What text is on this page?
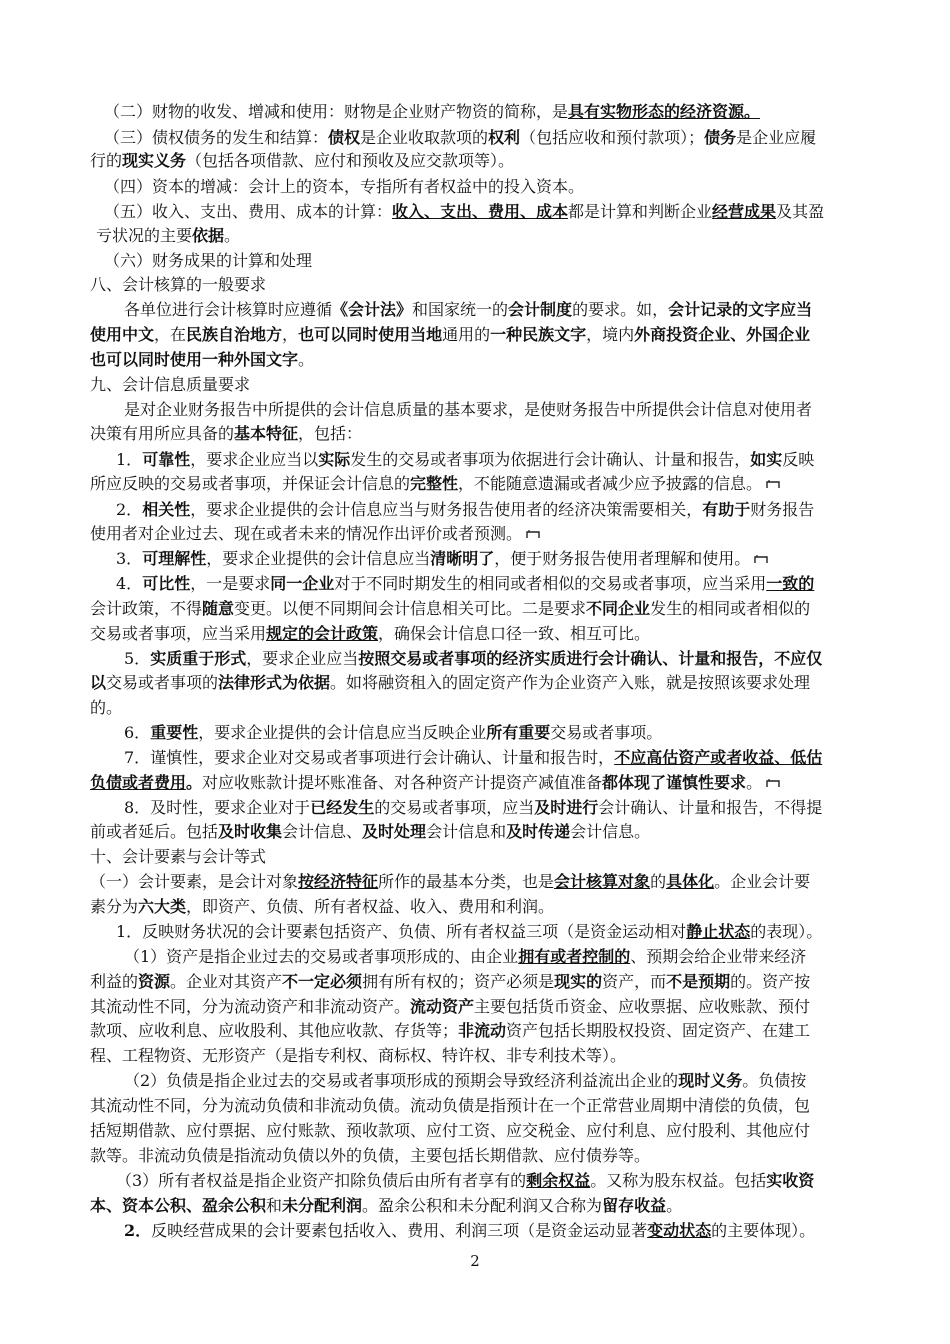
2
（二）财物的收发、增减和使用：财物是企业财产物资的简称，是具有实物形态的经济资源。
（三）债权债务的发生和结算：债权是企业收取款项的权利（包括应收和预付款项）；债务是企业应履
行的现实义务（包括各项借款、应付和预收及应交款项等）。
（四）资本的增减：会计上的资本，专指所有者权益中的投入资本。
（五）收入、支出、费用、成本的计算：收入、支出、费用、成本都是计算和判断企业经营成果及其盈
亏状况的主要依据。
（六）财务成果的计算和处理
八、会计核算的一般要求
各单位进行会计核算时应遵循《会计法》和国家统一的会计制度的要求。如，会计记录的文字应当
使用中文，在民族自治地方，也可以同时使用当地通用的一种民族文字，境内外商投资企业、外国企业
也可以同时使用一种外国文字。
九、会计信息质量要求
是对企业财务报告中所提供的会计信息质量的基本要求，是使财务报告中所提供会计信息对使用者
决策有用所应具备的基本特征，包括：
1．可靠性，要求企业应当以实际发生的交易或者事项为依据进行会计确认、计量和报告，如实反映
所应反映的交易或者事项，并保证会计信息的完整性，不能随意遗漏或者减少应予披露的信息。
2．相关性，要求企业提供的会计信息应当与财务报告使用者的经济决策需要相关，有助于财务报告
使用者对企业过去、现在或者未来的情况作出评价或者预测。
3．可理解性，要求企业提供的会计信息应当清晰明了，便于财务报告使用者理解和使用。
4．可比性，一是要求同一企业对于不同时期发生的相同或者相似的交易或者事项，应当采用一致的
会计政策，不得随意变更。以便不同期间会计信息相关可比。二是要求不同企业发生的相同或者相似的
交易或者事项，应当采用规定的会计政策，确保会计信息口径一致、相互可比。
5．实质重于形式，要求企业应当按照交易或者事项的经济实质进行会计确认、计量和报告，不应仅
以交易或者事项的法律形式为依据。如将融资租入的固定资产作为企业资产入账，就是按照该要求处理
的。
6．重要性，要求企业提供的会计信息应当反映企业所有重要交易或者事项。
7．谨慎性，要求企业对交易或者事项进行会计确认、计量和报告时，不应高估资产或者收益、低估
负债或者费用。对应收账款计提坏账准备、对各种资产计提资产减值准备都体现了谨慎性要求。
8．及时性，要求企业对于已经发生的交易或者事项，应当及时进行会计确认、计量和报告，不得提
前或者延后。包括及时收集会计信息、及时处理会计信息和及时传递会计信息。
十、会计要素与会计等式
（一）会计要素，是会计对象按经济特征所作的最基本分类，也是会计核算对象的具体化。企业会计要
素分为六大类，即资产、负债、所有者权益、收入、费用和利润。
1．反映财务状况的会计要素包括资产、负债、所有者权益三项（是资金运动相对静止状态的表现）。
（1）资产是指企业过去的交易或者事项形成的、由企业拥有或者控制的、预期会给企业带来经济
利益的资源。企业对其资产不一定必须拥有所有权的；资产必须是现实的资产，而不是预期的。资产按
其流动性不同，分为流动资产和非流动资产。流动资产主要包括货币资金、应收票据、应收账款、预付
款项、应收利息、应收股利、其他应收款、存货等；非流动资产包括长期股权投资、固定资产、在建工
程、工程物资、无形资产（是指专利权、商标权、特许权、非专利技术等）。
（2）负债是指企业过去的交易或者事项形成的预期会导致经济利益流出企业的现时义务。负债按
其流动性不同，分为流动负债和非流动负债。流动负债是指预计在一个正常营业周期中清偿的负债，包
括短期借款、应付票据、应付账款、预收款项、应付工资、应交税金、应付利息、应付股利、其他应付
款等。非流动负债是指流动负债以外的负债，主要包括长期借款、应付债券等。
（3）所有者权益是指企业资产扣除负债后由所有者享有的剩余权益。又称为股东权益。包括实收资
本、资本公积、盈余公积和未分配利润。盈余公积和未分配利润又合称为留存收益。
2．反映经营成果的会计要素包括收入、费用、利润三项（是资金运动显著变动状态的主要体现）。
